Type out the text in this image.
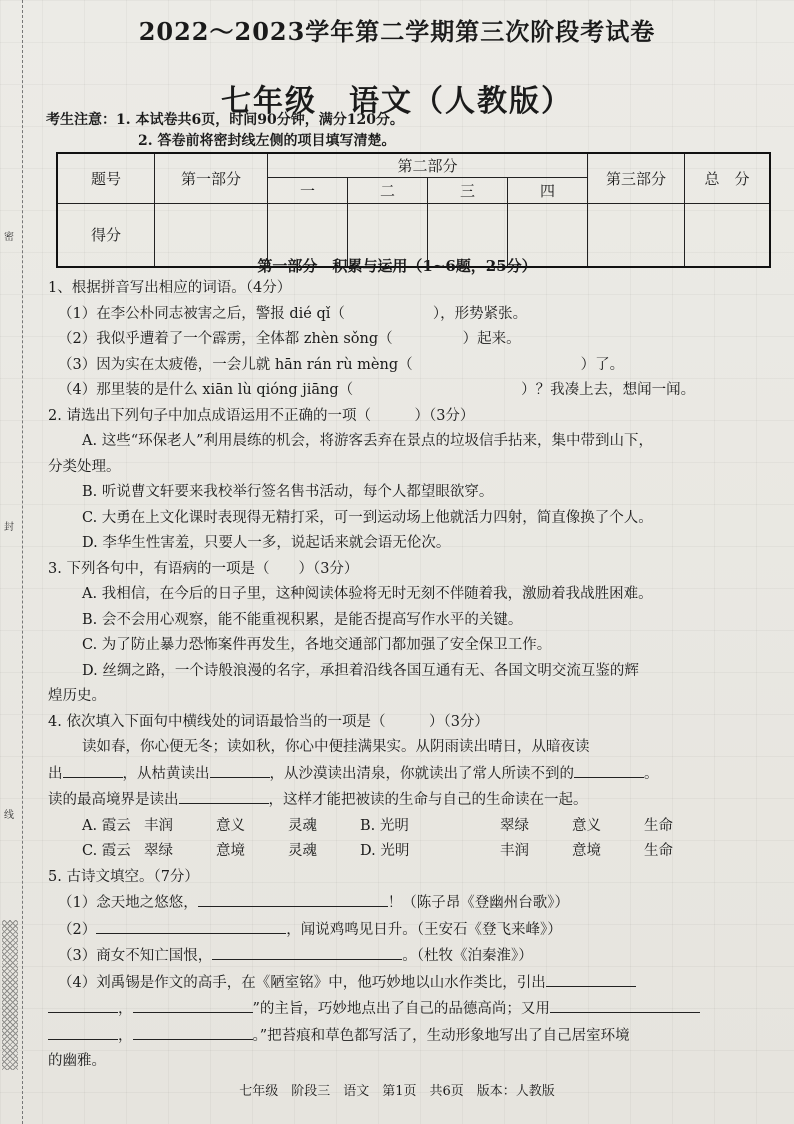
密
封
线
2022～2023学年第二学期第三次阶段考试卷
七年级　语文（人教版）
考生注意：1. 本试卷共6页，时间90分钟，满分120分。
2. 答卷前将密封线左侧的项目填写清楚。
题号	第一部分	第二部分				第三部分	总　分
		一	二	三	四		
得分							
第一部分　积累与运用（1~6题，25分）

1、根据拼音写出相应的词语。（4分）

（1）在李公朴同志被害之后，警报 dié qǐ（	），形势紧张。

（2）我似乎遭着了一个霹雳，全体都 zhèn sǒng（	）起来。

（3）因为实在太疲倦，一会儿就 hān rán rù mèng（	）了。

（4）那里装的是什么 xiān lù qióng jiāng（	）？我凑上去，想闻一闻。

2. 请选出下列句子中加点成语运用不正确的一项（　　　）（3分）

A. 这些“环保老人”利用晨练的机会，将游客丢弃在景点的垃圾信手拈来，集中带到山下，

分类处理。

B. 听说曹文轩要来我校举行签名售书活动，每个人都望眼欲穿。

C. 大勇在上文化课时表现得无精打采，可一到运动场上他就活力四射，简直像换了个人。

D. 李华生性害羞，只要人一多，说起话来就会语无伦次。

3. 下列各句中，有语病的一项是（　　）（3分）

A. 我相信，在今后的日子里，这种阅读体验将无时无刻不伴随着我，激励着我战胜困难。

B. 会不会用心观察，能不能重视积累，是能否提高写作水平的关键。

C. 为了防止暴力恐怖案件再发生，各地交通部门都加强了安全保卫工作。

D. 丝绸之路，一个诗般浪漫的名字，承担着沿线各国互通有无、各国文明交流互鉴的辉

煌历史。

4. 依次填入下面句中横线处的词语最恰当的一项是（　　　）（3分）

读如春，你心便无冬；读如秋，你心中便挂满果实。从阴雨读出晴日，从暗夜读

出	，从枯黄读出	，从沙漠读出清泉，你就读出了常人所读不到的	。

读的最高境界是读出	，这样才能把被读的生命与自己的生命读在一起。

A. 霞云 丰润	意义	灵魂	B. 光明	翠绿	意义	生命
C. 霞云 翠绿	意境	灵魂	D. 光明	丰润	意境	生命

5. 古诗文填空。（7分）

（1）念天地之悠悠，	！（陈子昂《登幽州台歌》）

（2）	，闻说鸡鸣见日升。（王安石《登飞来峰》）

（3）商女不知亡国恨，	。（杜牧《泊秦淮》）

（4）刘禹锡是作文的高手，在《陋室铭》中，他巧妙地以山水作类比，引出

，	”的主旨，巧妙地点出了自己的品德高尚；又用

，	。”把苔痕和草色都写活了，生动形象地写出了自己居室环境

的幽雅。

七年级　阶段三　语文　第1页　共6页　版本：人教版
